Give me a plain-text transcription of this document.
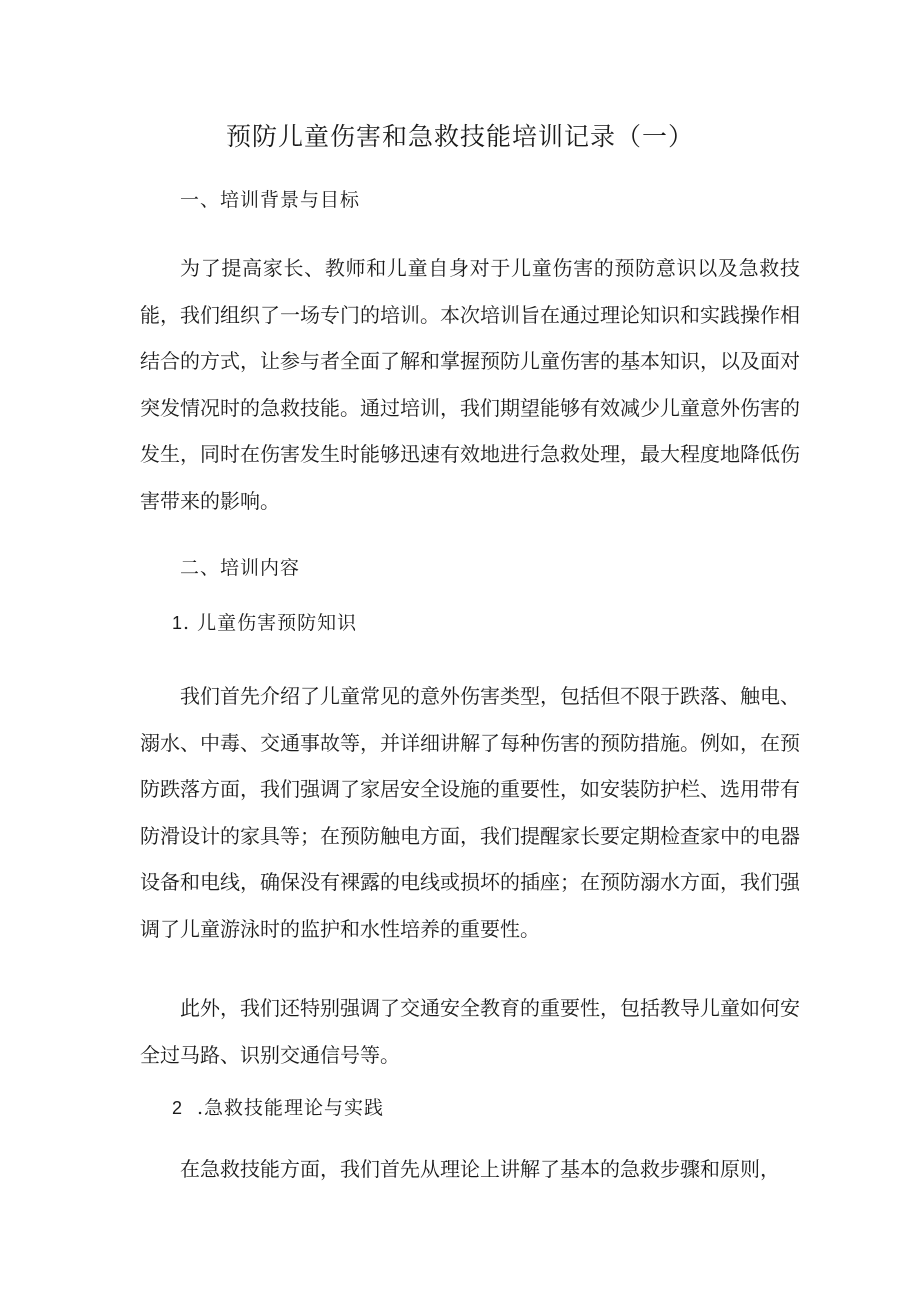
预防儿童伤害和急救技能培训记录（一）
一、培训背景与目标

为了提高家长、教师和儿童自身对于儿童伤害的预防意识以及急救技能，我们组织了一场专门的培训。本次培训旨在通过理论知识和实践操作相结合的方式，让参与者全面了解和掌握预防儿童伤害的基本知识，以及面对突发情况时的急救技能。通过培训，我们期望能够有效减少儿童意外伤害的发生，同时在伤害发生时能够迅速有效地进行急救处理，最大程度地降低伤害带来的影响。

二、培训内容
1. 儿童伤害预防知识

我们首先介绍了儿童常见的意外伤害类型，包括但不限于跌落、触电、溺水、中毒、交通事故等，并详细讲解了每种伤害的预防措施。例如，在预防跌落方面，我们强调了家居安全设施的重要性，如安装防护栏、选用带有防滑设计的家具等；在预防触电方面，我们提醒家长要定期检查家中的电器设备和电线，确保没有裸露的电线或损坏的插座；在预防溺水方面，我们强调了儿童游泳时的监护和水性培养的重要性。

此外，我们还特别强调了交通安全教育的重要性，包括教导儿童如何安全过马路、识别交通信号等。

2 .急救技能理论与实践

在急救技能方面，我们首先从理论上讲解了基本的急救步骤和原则，
